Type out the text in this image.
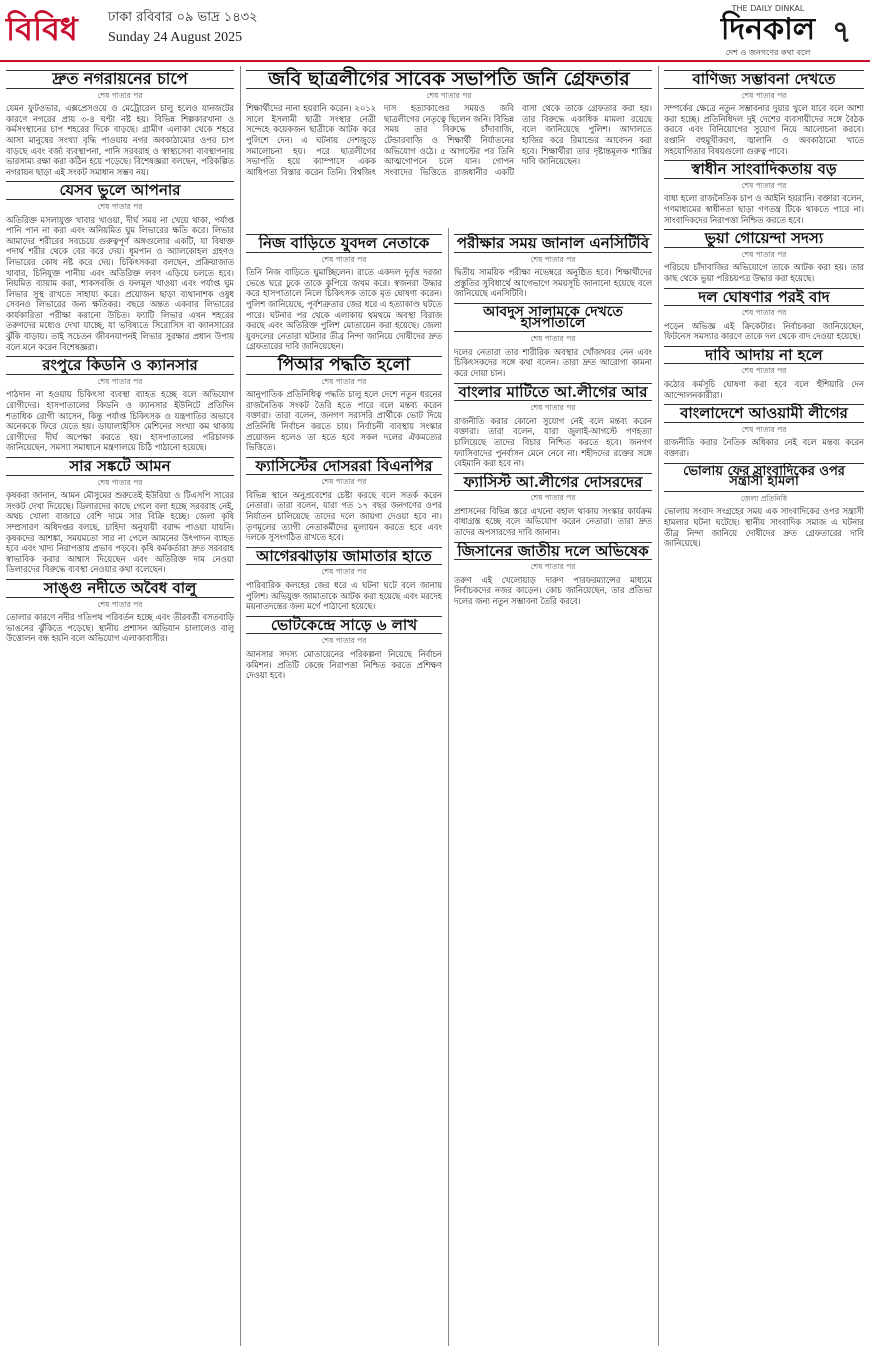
বিবিধ ঢাকা রবিবার ০৯ ভাদ্র ১৪৩২
Sunday 24 August 2025
THE DAILY DINKAL
দিনকাল
দেশ ও জনগণের কথা বলে
৭
দ্রুত নগরায়নের চাপে
শেষ পাতার পর

যেমন ফুটওভার, এক্সপ্রেসওয়ে ও মেট্রোরেল চালু হলেও যানজটের কারণে নগরের প্রায় ৩-৪ ঘণ্টা নষ্ট হয়। বিভিন্ন শিল্পকারখানা ও কর্মসংস্থানের চাপ শহরের দিকে বাড়ছে। গ্রামীণ এলাকা থেকে শহরে আসা মানুষের সংখ্যা বৃদ্ধি পাওয়ায় নগর অবকাঠামোর ওপর চাপ বাড়ছে এবং বর্জ্য ব্যবস্থাপনা, পানি সরবরাহ ও স্বাস্থ্যসেবা ব্যবস্থাপনায় ভারসাম্য রক্ষা করা কঠিন হয়ে পড়েছে। বিশেষজ্ঞরা বলছেন, পরিকল্পিত নগরায়ন ছাড়া এই সংকট সমাধান সম্ভব নয়।

যেসব ভুলে আপনার
শেষ পাতার পর

অতিরিক্ত মসলাযুক্ত খাবার খাওয়া, দীর্ঘ সময় না খেয়ে থাকা, পর্যাপ্ত পানি পান না করা এবং অনিয়মিত ঘুম লিভারের ক্ষতি করে। লিভার আমাদের শরীরের সবচেয়ে গুরুত্বপূর্ণ অঙ্গগুলোর একটি, যা বিষাক্ত পদার্থ শরীর থেকে বের করে দেয়। ধূমপান ও অ্যালকোহল গ্রহণও লিভারের কোষ নষ্ট করে দেয়। চিকিৎসকরা বলছেন, প্রক্রিয়াজাত খাবার, চিনিযুক্ত পানীয় এবং অতিরিক্ত লবণ এড়িয়ে চলতে হবে। নিয়মিত ব্যায়াম করা, শাকসবজি ও ফলমূল খাওয়া এবং পর্যাপ্ত ঘুম লিভার সুস্থ রাখতে সাহায্য করে। প্রয়োজন ছাড়া ব্যথানাশক ওষুধ সেবনও লিভারের জন্য ক্ষতিকর। বছরে অন্তত একবার লিভারের কার্যকারিতা পরীক্ষা করানো উচিত। ফ্যাটি লিভার এখন শহরের তরুণদের মধ্যেও দেখা যাচ্ছে, যা ভবিষ্যতে সিরোসিস বা ক্যানসারের ঝুঁকি বাড়ায়। তাই সচেতন জীবনযাপনই লিভার সুরক্ষার প্রধান উপায় বলে মনে করেন বিশেষজ্ঞরা।

রংপুরে কিডনি ও ক্যানসার
শেষ পাতার পর

পাঠদান না হওয়ায় চিকিৎসা ব্যবস্থা ব্যাহত হচ্ছে বলে অভিযোগ রোগীদের। হাসপাতালের কিডনি ও ক্যানসার ইউনিটে প্রতিদিন শতাধিক রোগী আসেন, কিন্তু পর্যাপ্ত চিকিৎসক ও যন্ত্রপাতির অভাবে অনেককে ফিরে যেতে হয়। ডায়ালাইসিস মেশিনের সংখ্যা কম থাকায় রোগীদের দীর্ঘ অপেক্ষা করতে হয়। হাসপাতালের পরিচালক জানিয়েছেন, সমস্যা সমাধানে মন্ত্রণালয়ে চিঠি পাঠানো হয়েছে।

সার সঙ্কটে আমন
শেষ পাতার পর

কৃষকরা জানান, আমন মৌসুমের শুরুতেই ইউরিয়া ও টিএসপি সারের সংকট দেখা দিয়েছে। ডিলারদের কাছে গেলে বলা হচ্ছে সরবরাহ নেই, অথচ খোলা বাজারে বেশি দামে সার বিক্রি হচ্ছে। জেলা কৃষি সম্প্রসারণ অধিদপ্তর বলছে, চাহিদা অনুযায়ী বরাদ্দ পাওয়া যায়নি। কৃষকদের আশঙ্কা, সময়মতো সার না পেলে আমনের উৎপাদন ব্যাহত হবে এবং খাদ্য নিরাপত্তায় প্রভাব পড়বে। কৃষি কর্মকর্তারা দ্রুত সরবরাহ স্বাভাবিক করার আশ্বাস দিয়েছেন এবং অতিরিক্ত দাম নেওয়া ডিলারদের বিরুদ্ধে ব্যবস্থা নেওয়ার কথা বলেছেন।

সাঙ্গু নদীতে অবৈধ বালু
শেষ পাতার পর

তোলার কারণে নদীর গতিপথ পরিবর্তন হচ্ছে এবং তীরবর্তী বসতবাড়ি ভাঙনের ঝুঁকিতে পড়েছে। স্থানীয় প্রশাসন অভিযান চালালেও বালু উত্তোলন বন্ধ হয়নি বলে অভিযোগ এলাকাবাসীর।

জবি ছাত্রলীগের সাবেক সভাপতি জনি গ্রেফতার
শেষ পাতার পর

শিক্ষার্থীদের নানা হয়রানি করেন। ২০১২ সালে ইসলামী ছাত্রী সংস্থার নেত্রী সন্দেহে কয়েকজন ছাত্রীকে আটক করে পুলিশে দেন। এ ঘটনায় দেশজুড়ে সমালোচনা হয়। পরে ছাত্রলীগের সভাপতি হয়ে ক্যাম্পাসে একক আধিপত্য বিস্তার করেন তিনি। বিশ্বজিৎ দাস হত্যাকাণ্ডের সময়ও জবি ছাত্রলীগের নেতৃত্বে ছিলেন জনি। বিভিন্ন সময় তার বিরুদ্ধে চাঁদাবাজি, টেন্ডারবাজি ও শিক্ষার্থী নির্যাতনের অভিযোগ ওঠে। ৫ আগস্টের পর তিনি আত্মগোপনে চলে যান। গোপন সংবাদের ভিত্তিতে রাজধানীর একটি বাসা থেকে তাকে গ্রেফতার করা হয়। তার বিরুদ্ধে একাধিক মামলা রয়েছে বলে জানিয়েছে পুলিশ। আদালতে হাজির করে রিমান্ডের আবেদন করা হবে। শিক্ষার্থীরা তার দৃষ্টান্তমূলক শাস্তির দাবি জানিয়েছেন।

নিজ বাড়িতে যুবদল নেতাকে
শেষ পাতার পর

তিনি নিজ বাড়িতে ঘুমাচ্ছিলেন। রাতে একদল দুর্বৃত্ত দরজা ভেঙে ঘরে ঢুকে তাকে কুপিয়ে জখম করে। স্বজনরা উদ্ধার করে হাসপাতালে নিলে চিকিৎসক তাকে মৃত ঘোষণা করেন। পুলিশ জানিয়েছে, পূর্বশত্রুতার জের ধরে এ হত্যাকাণ্ড ঘটতে পারে। ঘটনার পর থেকে এলাকায় থমথমে অবস্থা বিরাজ করছে এবং অতিরিক্ত পুলিশ মোতায়েন করা হয়েছে। জেলা যুবদলের নেতারা ঘটনার তীব্র নিন্দা জানিয়ে দোষীদের দ্রুত গ্রেফতারের দাবি জানিয়েছেন।

পিআর পদ্ধতি হলো
শেষ পাতার পর

আনুপাতিক প্রতিনিধিত্ব পদ্ধতি চালু হলে দেশে নতুন ধরনের রাজনৈতিক সংকট তৈরি হতে পারে বলে মন্তব্য করেন বক্তারা। তারা বলেন, জনগণ সরাসরি প্রার্থীকে ভোট দিয়ে প্রতিনিধি নির্বাচন করতে চায়। নির্বাচনী ব্যবস্থায় সংস্কার প্রয়োজন হলেও তা হতে হবে সকল দলের ঐকমত্যের ভিত্তিতে।

ফ্যাসিস্টের দোসররা বিএনপির
শেষ পাতার পর

বিভিন্ন স্থানে অনুপ্রবেশের চেষ্টা করছে বলে সতর্ক করেন নেতারা। তারা বলেন, যারা গত ১৭ বছর জনগণের ওপর নির্যাতন চালিয়েছে তাদের দলে জায়গা দেওয়া হবে না। তৃণমূলের ত্যাগী নেতাকর্মীদের মূল্যায়ন করতে হবে এবং দলকে সুসংগঠিত রাখতে হবে।

আগেরঝাড়ায় জামাতার হাতে
শেষ পাতার পর

পারিবারিক কলহের জের ধরে এ ঘটনা ঘটে বলে জানায় পুলিশ। অভিযুক্ত জামাতাকে আটক করা হয়েছে এবং মরদেহ ময়নাতদন্তের জন্য মর্গে পাঠানো হয়েছে।

ভোটকেন্দ্রে সাড়ে ৬ লাখ
শেষ পাতার পর

আনসার সদস্য মোতায়েনের পরিকল্পনা নিয়েছে নির্বাচন কমিশন। প্রতিটি কেন্দ্রে নিরাপত্তা নিশ্চিত করতে প্রশিক্ষণ দেওয়া হবে।

পরীক্ষার সময় জানাল এনসিটিবি
শেষ পাতার পর

দ্বিতীয় সাময়িক পরীক্ষা নভেম্বরে অনুষ্ঠিত হবে। শিক্ষার্থীদের প্রস্তুতির সুবিধার্থে আগেভাগে সময়সূচি জানানো হয়েছে বলে জানিয়েছে এনসিটিবি।

আবদুস সালামকে দেখতে হাসপাতালে
শেষ পাতার পর

দলের নেতারা তার শারীরিক অবস্থার খোঁজখবর নেন এবং চিকিৎসকদের সঙ্গে কথা বলেন। তারা দ্রুত আরোগ্য কামনা করে দোয়া চান।

বাংলার মাটিতে আ.লীগের আর
শেষ পাতার পর

রাজনীতি করার কোনো সুযোগ নেই বলে মন্তব্য করেন বক্তারা। তারা বলেন, যারা জুলাই-আগস্টে গণহত্যা চালিয়েছে তাদের বিচার নিশ্চিত করতে হবে। জনগণ ফ্যাসিবাদের পুনর্বাসন মেনে নেবে না। শহীদদের রক্তের সঙ্গে বেইমানি করা হবে না।

ফ্যাসিস্ট আ.লীগের দোসরদের
শেষ পাতার পর

প্রশাসনের বিভিন্ন স্তরে এখনো বহাল থাকায় সংস্কার কার্যক্রম বাধাগ্রস্ত হচ্ছে বলে অভিযোগ করেন নেতারা। তারা দ্রুত তাদের অপসারণের দাবি জানান।

জিসানের জাতীয় দলে অভিষেক
শেষ পাতার পর

তরুণ এই খেলোয়াড় দারুণ পারফরম্যান্সের মাধ্যমে নির্বাচকদের নজর কাড়েন। কোচ জানিয়েছেন, তার প্রতিভা দলের জন্য নতুন সম্ভাবনা তৈরি করবে।

বাণিজ্য সম্ভাবনা দেখতে
শেষ পাতার পর

সম্পর্কের ক্ষেত্রে নতুন সম্ভাবনার দুয়ার খুলে যাবে বলে আশা করা হচ্ছে। প্রতিনিধিদল দুই দেশের ব্যবসায়ীদের সঙ্গে বৈঠক করবে এবং বিনিয়োগের সুযোগ নিয়ে আলোচনা করবে। রপ্তানি বহুমুখীকরণ, জ্বালানি ও অবকাঠামো খাতে সহযোগিতার বিষয়গুলো গুরুত্ব পাবে।

স্বাধীন সাংবাদিকতায় বড়
শেষ পাতার পর

বাধা হলো রাজনৈতিক চাপ ও আইনি হয়রানি। বক্তারা বলেন, গণমাধ্যমের স্বাধীনতা ছাড়া গণতন্ত্র টিকে থাকতে পারে না। সাংবাদিকদের নিরাপত্তা নিশ্চিত করতে হবে।

ভুয়া গোয়েন্দা সদস্য
শেষ পাতার পর

পরিচয়ে চাঁদাবাজির অভিযোগে তাকে আটক করা হয়। তার কাছ থেকে ভুয়া পরিচয়পত্র উদ্ধার করা হয়েছে।

দল ঘোষণার পরই বাদ
শেষ পাতার পর

পড়েন অভিজ্ঞ এই ক্রিকেটার। নির্বাচকরা জানিয়েছেন, ফিটনেস সমস্যার কারণে তাকে দল থেকে বাদ দেওয়া হয়েছে।

দাবি আদায় না হলে
শেষ পাতার পর

কঠোর কর্মসূচি ঘোষণা করা হবে বলে হুঁশিয়ারি দেন আন্দোলনকারীরা।

বাংলাদেশে আওয়ামী লীগের
শেষ পাতার পর

রাজনীতি করার নৈতিক অধিকার নেই বলে মন্তব্য করেন বক্তারা।

ভোলায় ফের সাংবাদিকের ওপর সন্ত্রাসী হামলা
জেলা প্রতিনিধি

ভোলায় সংবাদ সংগ্রহের সময় এক সাংবাদিকের ওপর সন্ত্রাসী হামলার ঘটনা ঘটেছে। স্থানীয় সাংবাদিক সমাজ এ ঘটনার তীব্র নিন্দা জানিয়ে দোষীদের দ্রুত গ্রেফতারের দাবি জানিয়েছে।
